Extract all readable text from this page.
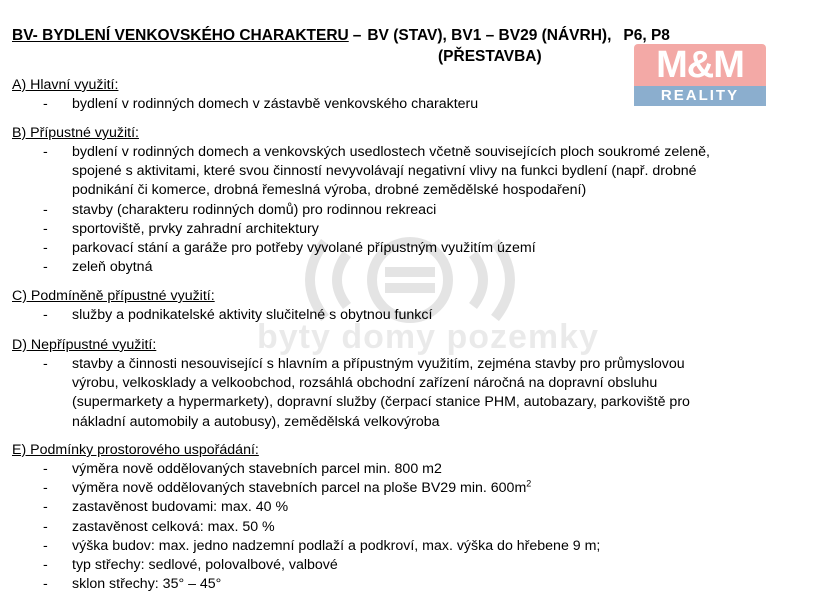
BV- BYDLENÍ VENKOVSKÉHO CHARAKTERU – BV (STAV), BV1 – BV29 (NÁVRH), P6, P8
(PŘESTAVBA)	M&M
REALITY
byty domy pozemky
A) Hlavní využití:
- bydlení v rodinných domech v zástavbě venkovského charakteru
B) Přípustné využití:
- bydlení v rodinných domech a venkovských usedlostech včetně souvisejících ploch soukromé zeleně,
spojené s aktivitami, které svou činností nevyvolávají negativní vlivy na funkci bydlení (např. drobné
podnikání či komerce, drobná řemeslná výroba, drobné zemědělské hospodaření)
- stavby (charakteru rodinných domů) pro rodinnou rekreaci
- sportoviště, prvky zahradní architektury
- parkovací stání a garáže pro potřeby vyvolané přípustným využitím území
- zeleň obytná
C) Podmíněně přípustné využití:
- služby a podnikatelské aktivity slučitelné s obytnou funkcí
D) Nepřípustné využití:
- stavby a činnosti nesouvisející s hlavním a přípustným využitím, zejména stavby pro průmyslovou
výrobu, velkosklady a velkoobchod, rozsáhlá obchodní zařízení náročná na dopravní obsluhu
(supermarkety a hypermarkety), dopravní služby (čerpací stanice PHM, autobazary, parkoviště pro
nákladní automobily a autobusy), zemědělská velkovýroba
E) Podmínky prostorového uspořádání:
- výměra nově oddělovaných stavebních parcel min. 800 m2
- výměra nově oddělovaných stavebních parcel na ploše BV29 min. $600m^2$
- zastavěnost budovami: max. 40 %
- zastavěnost celková: max. 50 %
- výška budov: max. jedno nadzemní podlaží a podkroví, max. výška do hřebene 9 m;
- typ střechy: sedlové, polovalbové, valbové
- sklon střechy: 35° – 45°
